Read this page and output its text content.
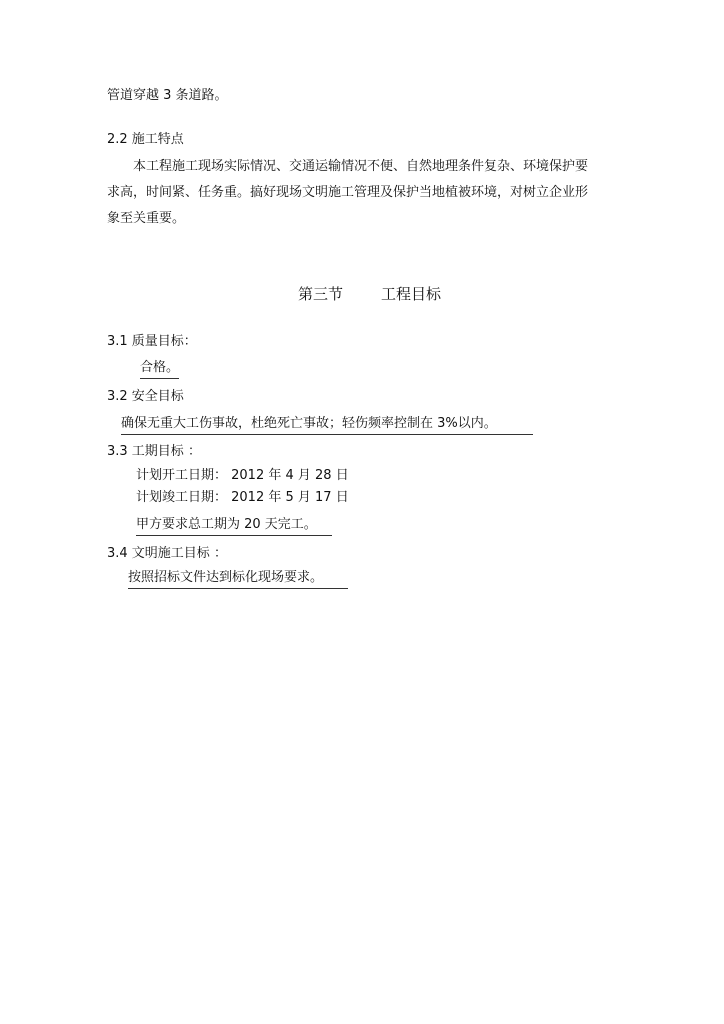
管道穿越 3 条道路。
2.2 施工特点
本工程施工现场实际情况、交通运输情况不便、自然地理条件复杂、环境保护要
求高，时间紧、任务重。搞好现场文明施工管理及保护当地植被环境，对树立企业形
象至关重要。
第三节	工程目标
3.1 质量目标：
合格。
3.2 安全目标
确保无重大工伤事故，杜绝死亡事故；轻伤频率控制在 3%以内。
3.3 工期目标 ：
计划开工日期： 2012 年 4 月 28 日
计划竣工日期： 2012 年 5 月 17 日
甲方要求总工期为 20 天完工。
3.4 文明施工目标 ：
按照招标文件达到标化现场要求。
